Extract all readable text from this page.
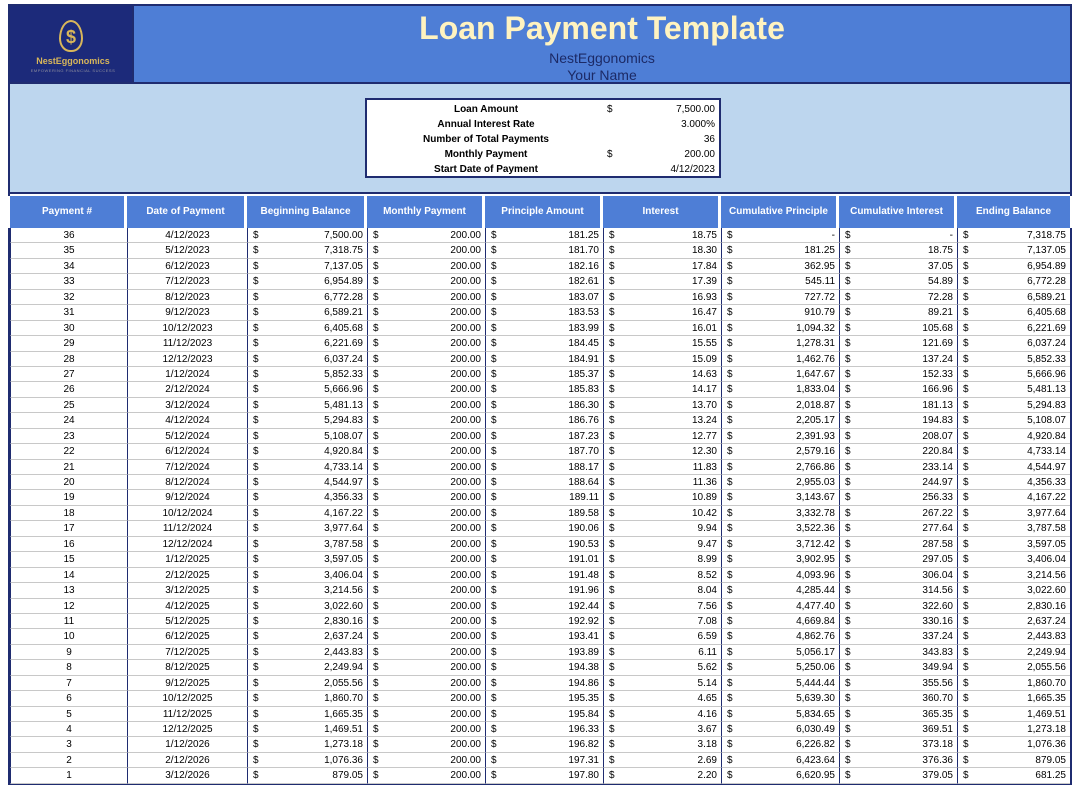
$
NestEggonomics
EMPOWERING FINANCIAL SUCCESS
Loan Payment Template
NestEggonomics
Your Name
Loan Amount	$	7,500.00
Annual Interest Rate	3.000%
Number of Total Payments	36
Monthly Payment	$	200.00
Start Date of Payment	4/12/2023
Payment #	Date of Payment	Beginning Balance	Monthly Payment	Principle Amount	Interest	Cumulative Principle	Cumulative Interest	Ending Balance
36	4/12/2023	$	7,500.00 $	200.00 $	181.25 $	18.75 $	- $	- $	7,318.75
35	5/12/2023	$	7,318.75 $	200.00 $	181.70 $	18.30 $	181.25 $	18.75 $	7,137.05
34	6/12/2023	$	7,137.05 $	200.00 $	182.16 $	17.84 $	362.95 $	37.05 $	6,954.89
33	7/12/2023	$	6,954.89 $	200.00 $	182.61 $	17.39 $	545.11 $	54.89 $	6,772.28
32	8/12/2023	$	6,772.28 $	200.00 $	183.07 $	16.93 $	727.72 $	72.28 $	6,589.21
31	9/12/2023	$	6,589.21 $	200.00 $	183.53 $	16.47 $	910.79 $	89.21 $	6,405.68
30	10/12/2023	$	6,405.68 $	200.00 $	183.99 $	16.01 $	1,094.32 $	105.68 $	6,221.69
29	11/12/2023	$	6,221.69 $	200.00 $	184.45 $	15.55 $	1,278.31 $	121.69 $	6,037.24
28	12/12/2023	$	6,037.24 $	200.00 $	184.91 $	15.09 $	1,462.76 $	137.24 $	5,852.33
27	1/12/2024	$	5,852.33 $	200.00 $	185.37 $	14.63 $	1,647.67 $	152.33 $	5,666.96
26	2/12/2024	$	5,666.96 $	200.00 $	185.83 $	14.17 $	1,833.04 $	166.96 $	5,481.13
25	3/12/2024	$	5,481.13 $	200.00 $	186.30 $	13.70 $	2,018.87 $	181.13 $	5,294.83
24	4/12/2024	$	5,294.83 $	200.00 $	186.76 $	13.24 $	2,205.17 $	194.83 $	5,108.07
23	5/12/2024	$	5,108.07 $	200.00 $	187.23 $	12.77 $	2,391.93 $	208.07 $	4,920.84
22	6/12/2024	$	4,920.84 $	200.00 $	187.70 $	12.30 $	2,579.16 $	220.84 $	4,733.14
21	7/12/2024	$	4,733.14 $	200.00 $	188.17 $	11.83 $	2,766.86 $	233.14 $	4,544.97
20	8/12/2024	$	4,544.97 $	200.00 $	188.64 $	11.36 $	2,955.03 $	244.97 $	4,356.33
19	9/12/2024	$	4,356.33 $	200.00 $	189.11 $	10.89 $	3,143.67 $	256.33 $	4,167.22
18	10/12/2024	$	4,167.22 $	200.00 $	189.58 $	10.42 $	3,332.78 $	267.22 $	3,977.64
17	11/12/2024	$	3,977.64 $	200.00 $	190.06 $	9.94 $	3,522.36 $	277.64 $	3,787.58
16	12/12/2024	$	3,787.58 $	200.00 $	190.53 $	9.47 $	3,712.42 $	287.58 $	3,597.05
15	1/12/2025	$	3,597.05 $	200.00 $	191.01 $	8.99 $	3,902.95 $	297.05 $	3,406.04
14	2/12/2025	$	3,406.04 $	200.00 $	191.48 $	8.52 $	4,093.96 $	306.04 $	3,214.56
13	3/12/2025	$	3,214.56 $	200.00 $	191.96 $	8.04 $	4,285.44 $	314.56 $	3,022.60
12	4/12/2025	$	3,022.60 $	200.00 $	192.44 $	7.56 $	4,477.40 $	322.60 $	2,830.16
11	5/12/2025	$	2,830.16 $	200.00 $	192.92 $	7.08 $	4,669.84 $	330.16 $	2,637.24
10	6/12/2025	$	2,637.24 $	200.00 $	193.41 $	6.59 $	4,862.76 $	337.24 $	2,443.83
9	7/12/2025	$	2,443.83 $	200.00 $	193.89 $	6.11 $	5,056.17 $	343.83 $	2,249.94
8	8/12/2025	$	2,249.94 $	200.00 $	194.38 $	5.62 $	5,250.06 $	349.94 $	2,055.56
7	9/12/2025	$	2,055.56 $	200.00 $	194.86 $	5.14 $	5,444.44 $	355.56 $	1,860.70
6	10/12/2025	$	1,860.70 $	200.00 $	195.35 $	4.65 $	5,639.30 $	360.70 $	1,665.35
5	11/12/2025	$	1,665.35 $	200.00 $	195.84 $	4.16 $	5,834.65 $	365.35 $	1,469.51
4	12/12/2025	$	1,469.51 $	200.00 $	196.33 $	3.67 $	6,030.49 $	369.51 $	1,273.18
3	1/12/2026	$	1,273.18 $	200.00 $	196.82 $	3.18 $	6,226.82 $	373.18 $	1,076.36
2	2/12/2026	$	1,076.36 $	200.00 $	197.31 $	2.69 $	6,423.64 $	376.36 $	879.05
1	3/12/2026	$	879.05 $	200.00 $	197.80 $	2.20 $	6,620.95 $	379.05 $	681.25
